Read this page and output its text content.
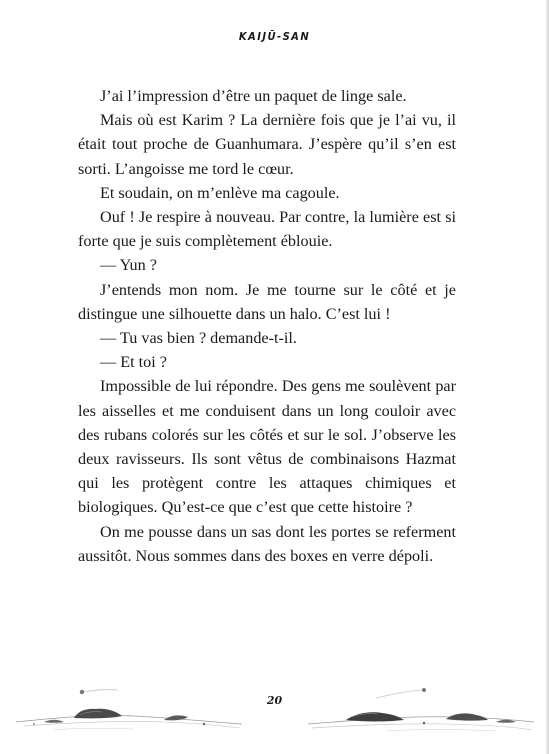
KAIJŪ-SAN

J’ai l’impression d’être un paquet de linge sale.

Mais où est Karim ? La dernière fois que je l’ai vu, il était tout proche de Guanhumara. J’espère qu’il s’en est sorti. L’angoisse me tord le cœur.

Et soudain, on m’enlève ma cagoule.

Ouf ! Je respire à nouveau. Par contre, la lumière est si forte que je suis complètement éblouie.

— Yun ?

J’entends mon nom. Je me tourne sur le côté et je distingue une silhouette dans un halo. C’est lui !

— Tu vas bien ? demande-t-il.

— Et toi ?

Impossible de lui répondre. Des gens me soulèvent par les aisselles et me conduisent dans un long couloir avec des rubans colorés sur les côtés et sur le sol. J’observe les deux ravisseurs. Ils sont vêtus de combinaisons Hazmat qui les protègent contre les attaques chimiques et biologiques. Qu’est-ce que c’est que cette histoire ?

On me pousse dans un sas dont les portes se referment aussitôt. Nous sommes dans des boxes en verre dépoli.

20
